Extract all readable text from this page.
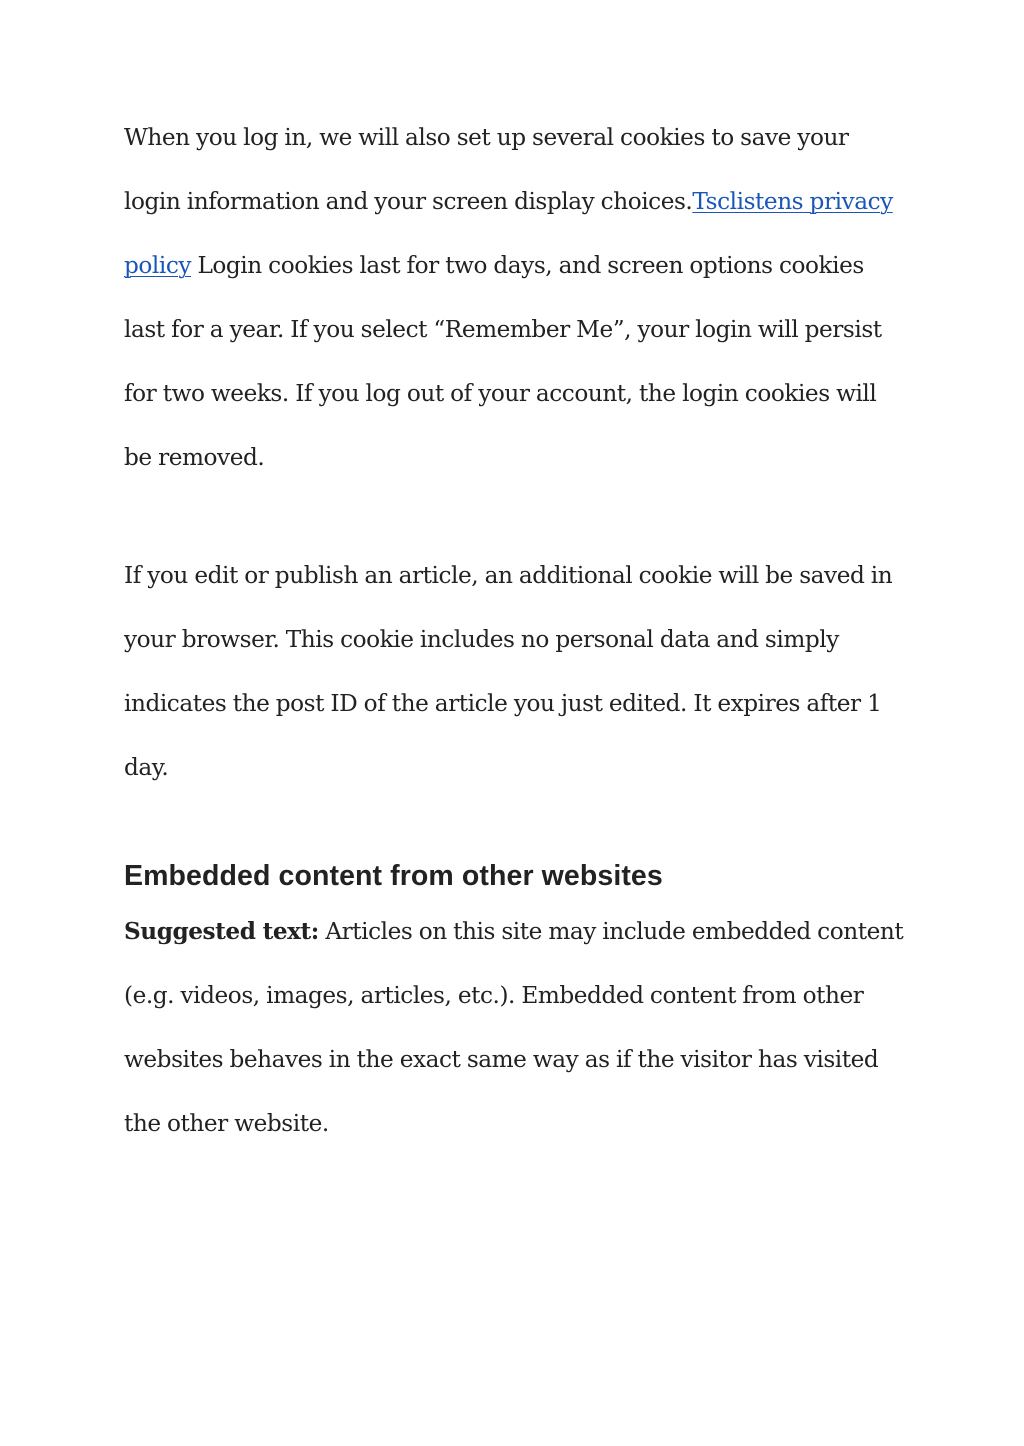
When you log in, we will also set up several cookies to save your login information and your screen display choices.Tsclistens privacy policy Login cookies last for two days, and screen options cookies last for a year. If you select “Remember Me”, your login will persist for two weeks. If you log out of your account, the login cookies will be removed.

If you edit or publish an article, an additional cookie will be saved in your browser. This cookie includes no personal data and simply indicates the post ID of the article you just edited. It expires after 1 day.

Embedded content from other websites

Suggested text: Articles on this site may include embedded content (e.g. videos, images, articles, etc.). Embedded content from other websites behaves in the exact same way as if the visitor has visited the other website.
